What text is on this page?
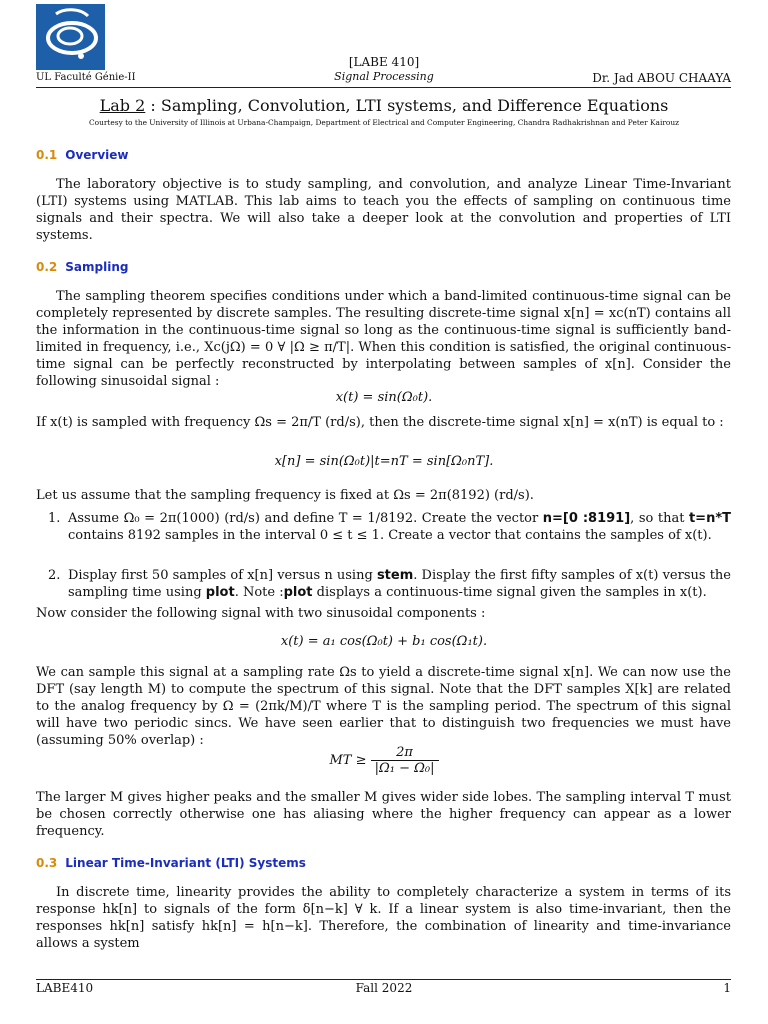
UL Faculté Génie-II
[LABE 410]
Signal Processing	Dr. Jad ABOU CHAAYA
Lab 2 : Sampling, Convolution, LTI systems, and Difference Equations
Courtesy to the University of Illinois at Urbana-Champaign, Department of Electrical and Computer Engineering, Chandra Radhakrishnan and Peter Kairouz
0.1 Overview
The laboratory objective is to study sampling, and convolution, and analyze Linear Time-Invariant (LTI) systems using MATLAB. This lab aims to teach you the effects of sampling on continuous time signals and their spectra. We will also take a deeper look at the convolution and properties of LTI systems.
0.2 Sampling
The sampling theorem specifies conditions under which a band-limited continuous-time signal can be completely represented by discrete samples. The resulting discrete-time signal x[n] = xc(nT) contains all the information in the continuous-time signal so long as the continuous-time signal is sufficiently band-limited in frequency, i.e., Xc(jΩ) = 0 ∀ |Ω ≥ π/T|. When this condition is satisfied, the original continuous-time signal can be perfectly reconstructed by interpolating between samples of x[n]. Consider the following sinusoidal signal :
x(t) = sin(Ω₀t).
If x(t) is sampled with frequency Ωs = 2π/T (rd/s), then the discrete-time signal x[n] = x(nT) is equal to :
x[n] = sin(Ω₀t)|t=nT = sin[Ω₀nT].
Let us assume that the sampling frequency is fixed at Ωs = 2π(8192) (rd/s).
1. Assume Ω₀ = 2π(1000) (rd/s) and define T = 1/8192. Create the vector n=[0 :8191], so that t=n*T contains 8192 samples in the interval 0 ≤ t ≤ 1. Create a vector that contains the samples of x(t).
2. Display first 50 samples of x[n] versus n using stem. Display the first fifty samples of x(t) versus the sampling time using plot. Note :plot displays a continuous-time signal given the samples in x(t).
Now consider the following signal with two sinusoidal components :
x(t) = a₁ cos(Ω₀t) + b₁ cos(Ω₁t).
We can sample this signal at a sampling rate Ωs to yield a discrete-time signal x[n]. We can now use the DFT (say length M) to compute the spectrum of this signal. Note that the DFT samples X[k] are related to the analog frequency by Ω = (2πk/M)/T where T is the sampling period. The spectrum of this signal will have two periodic sincs. We have seen earlier that to distinguish two frequencies we must have (assuming 50% overlap) :
MT ≥ $\frac{2\pi}{\text{|Ω₁ − Ω₀|}}$
The larger M gives higher peaks and the smaller M gives wider side lobes. The sampling interval T must be chosen correctly otherwise one has aliasing where the higher frequency can appear as a lower frequency.
0.3 Linear Time-Invariant (LTI) Systems
In discrete time, linearity provides the ability to completely characterize a system in terms of its response hk[n] to signals of the form δ[n−k] ∀ k. If a linear system is also time-invariant, then the responses hk[n] satisfy hk[n] = h[n−k]. Therefore, the combination of linearity and time-invariance allows a system
LABE410	Fall 2022	1
